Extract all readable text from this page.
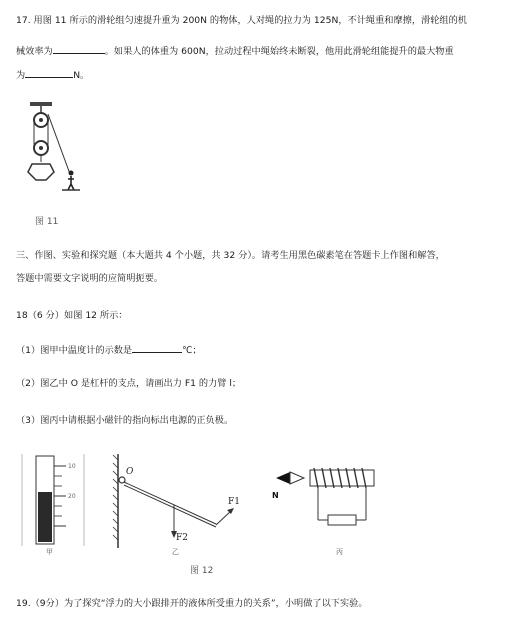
17. 用图 11 所示的滑轮组匀速提升重为 200N 的物体，人对绳的拉力为 125N，不计绳重和摩擦，滑轮组的机
械效率为	。如果人的体重为 600N，拉动过程中绳始终未断裂，他用此滑轮组能提升的最大物重
为	N。
图 11
三、作图、实验和探究题（本大题共 4 个小题，共 32 分）。请考生用黑色碳素笔在答题卡上作图和解答，
答题中需要文字说明的应简明扼要。
18（6 分）如图 12 所示：
（1）图甲中温度计的示数是	℃；
（2）图乙中 O 是杠杆的支点，请画出力 F1 的力臂 l；
（3）图丙中请根据小磁针的指向标出电源的正负极。
10
20
甲
O
F2
F1
乙
N
丙
图 12
19.（9分）为了探究“浮力的大小跟排开的液体所受重力的关系”，小明做了以下实验。
